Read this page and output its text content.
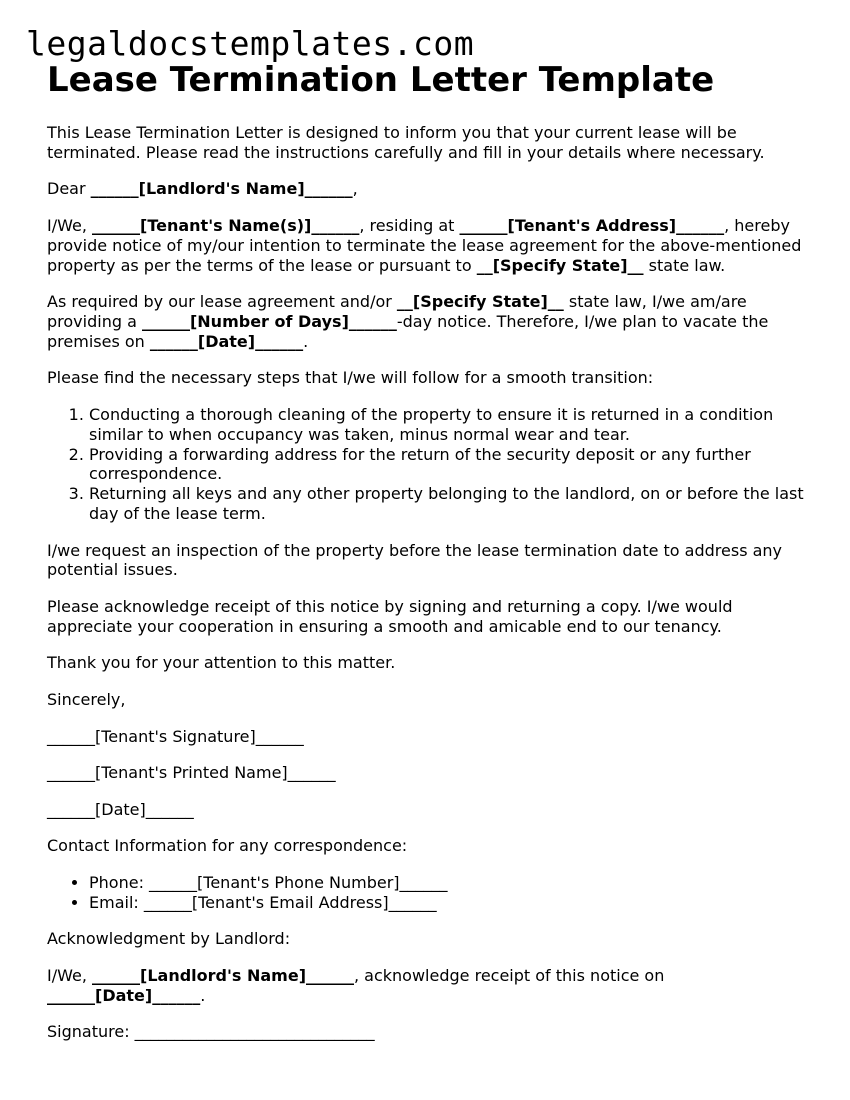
legaldocstemplates.com
Lease Termination Letter Template

This Lease Termination Letter is designed to inform you that your current lease will be terminated. Please read the instructions carefully and fill in your details where necessary.

Dear ______[Landlord's Name]______,

I/We, ______[Tenant's Name(s)]______, residing at ______[Tenant's Address]______, hereby provide notice of my/our intention to terminate the lease agreement for the above-mentioned property as per the terms of the lease or pursuant to __[Specify State]__ state law.

As required by our lease agreement and/or __[Specify State]__ state law, I/we am/are providing a ______[Number of Days]______-day notice. Therefore, I/we plan to vacate the premises on ______[Date]______.

Please find the necessary steps that I/we will follow for a smooth transition:

1. Conducting a thorough cleaning of the property to ensure it is returned in a condition similar to when occupancy was taken, minus normal wear and tear.
2. Providing a forwarding address for the return of the security deposit or any further correspondence.
3. Returning all keys and any other property belonging to the landlord, on or before the last day of the lease term.

I/we request an inspection of the property before the lease termination date to address any potential issues.

Please acknowledge receipt of this notice by signing and returning a copy. I/we would appreciate your cooperation in ensuring a smooth and amicable end to our tenancy.

Thank you for your attention to this matter.

Sincerely,

______[Tenant's Signature]______

______[Tenant's Printed Name]______

______[Date]______

Contact Information for any correspondence:

• Phone: ______[Tenant's Phone Number]______
• Email: ______[Tenant's Email Address]______

Acknowledgment by Landlord:

I/We, ______[Landlord's Name]______, acknowledge receipt of this notice on ______[Date]______.

Signature: ______________________________
